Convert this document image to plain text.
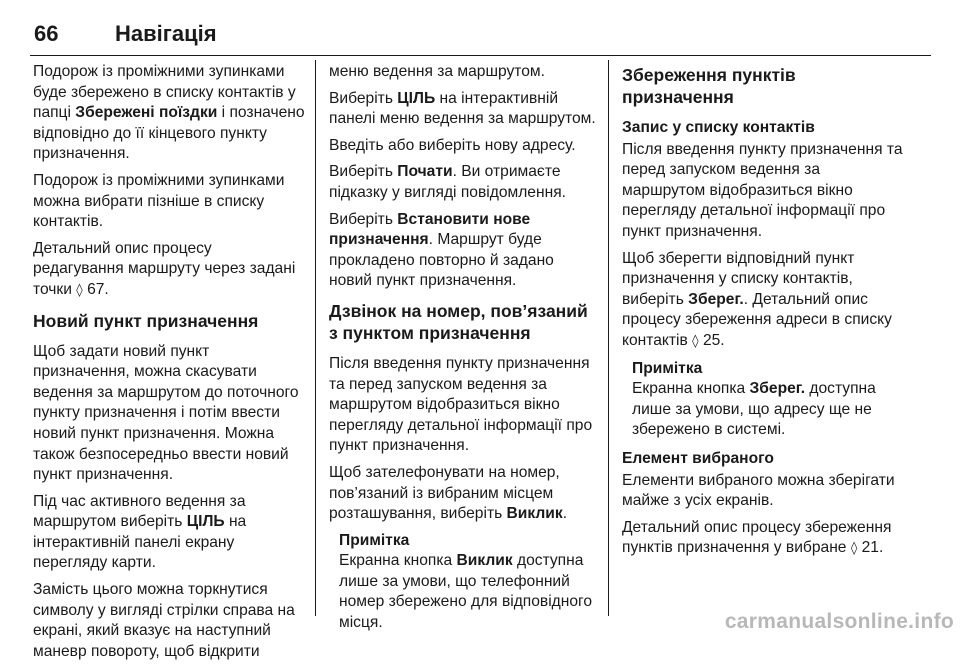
66	Навігація

Подорож із проміжними зупинками буде збережено в списку контактів у папці Збережені поїздки і позначено відповідно до її кінцевого пункту призначення.

Подорож із проміжними зупинками можна вибрати пізніше в списку контактів.

Детальний опис процесу редагування маршруту через задані точки ◊ 67.

Новий пункт призначення

Щоб задати новий пункт призначення, можна скасувати ведення за маршрутом до поточного пункту призначення і потім ввести новий пункт призначення. Можна також безпосередньо ввести новий пункт призначення.

Під час активного ведення за маршрутом виберіть ЦІЛЬ на інтерактивній панелі екрану перегляду карти.

Замість цього можна торкнутися символу у вигляді стрілки справа на екрані, який вказує на наступний маневр повороту, щоб відкрити

меню ведення за маршрутом.

Виберіть ЦІЛЬ на інтерактивній панелі меню ведення за маршрутом.

Введіть або виберіть нову адресу.

Виберіть Почати. Ви отримаєте підказку у вигляді повідомлення.

Виберіть Встановити нове призначення. Маршрут буде прокладено повторно й задано новий пункт призначення.

Дзвінок на номер, пов’язаний з пунктом призначення

Після введення пункту призначення та перед запуском ведення за маршрутом відобразиться вікно перегляду детальної інформації про пункт призначення.

Щоб зателефонувати на номер, пов’язаний із вибраним місцем розташування, виберіть Виклик.

Примітка
Екранна кнопка Виклик доступна лише за умови, що телефонний номер збережено для відповідного місця.
Збереження пунктів призначення
Запис у списку контактів

Після введення пункту призначення та перед запуском ведення за маршрутом відобразиться вікно перегляду детальної інформації про пункт призначення.

Щоб зберегти відповідний пункт призначення у списку контактів, виберіть Зберег.. Детальний опис процесу збереження адреси в списку контактів ◊ 25.

Примітка
Екранна кнопка Зберег. доступна лише за умови, що адресу ще не збережено в системі.
Елемент вибраного

Елементи вибраного можна зберігати майже з усіх екранів.

Детальний опис процесу збереження пунктів призначення у вибране ◊ 21.

carmanualsonline.info
